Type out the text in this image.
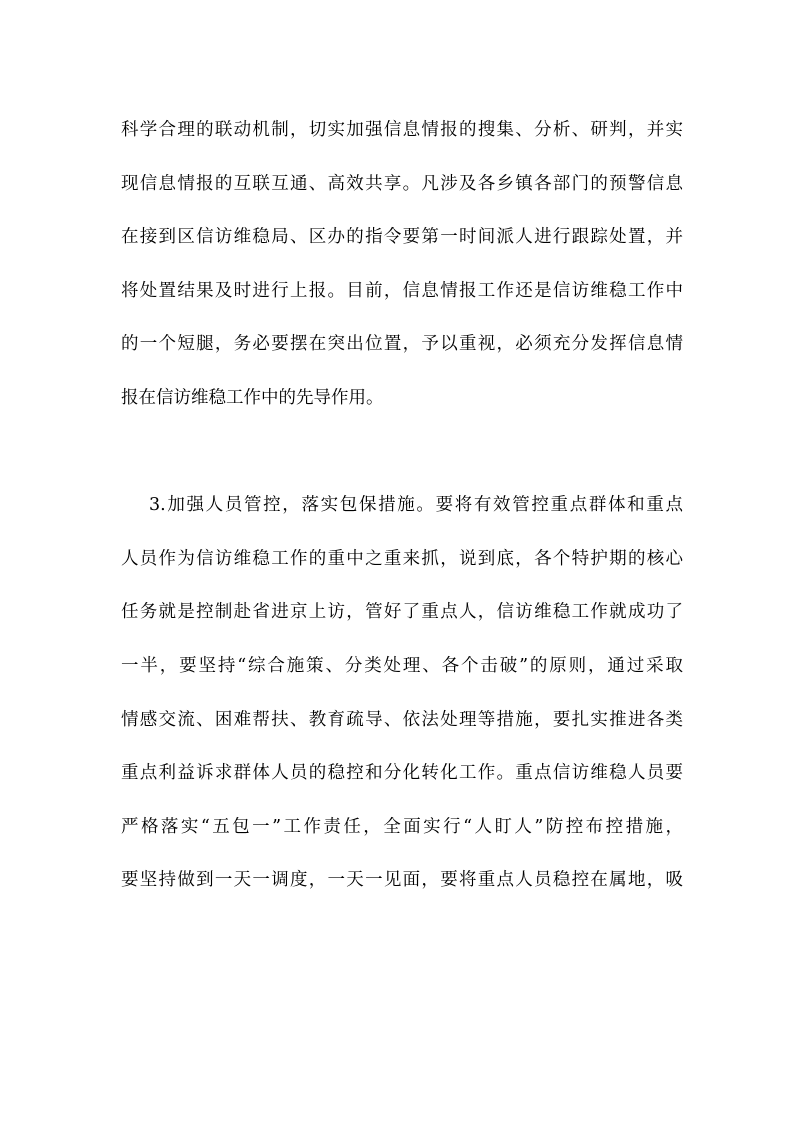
科学合理的联动机制，切实加强信息情报的搜集、分析、研判，并实
现信息情报的互联互通、高效共享。凡涉及各乡镇各部门的预警信息
在接到区信访维稳局、区办的指令要第一时间派人进行跟踪处置，并
将处置结果及时进行上报。目前，信息情报工作还是信访维稳工作中
的一个短腿，务必要摆在突出位置，予以重视，必须充分发挥信息情
报在信访维稳工作中的先导作用。
3.加强人员管控，落实包保措施。要将有效管控重点群体和重点
人员作为信访维稳工作的重中之重来抓，说到底，各个特护期的核心
任务就是控制赴省进京上访，管好了重点人，信访维稳工作就成功了
一半，要坚持“综合施策、分类处理、各个击破”的原则，通过采取
情感交流、困难帮扶、教育疏导、依法处理等措施，要扎实推进各类
重点利益诉求群体人员的稳控和分化转化工作。重点信访维稳人员要
严格落实“五包一”工作责任，全面实行“人盯人”防控布控措施，
要坚持做到一天一调度，一天一见面，要将重点人员稳控在属地，吸
